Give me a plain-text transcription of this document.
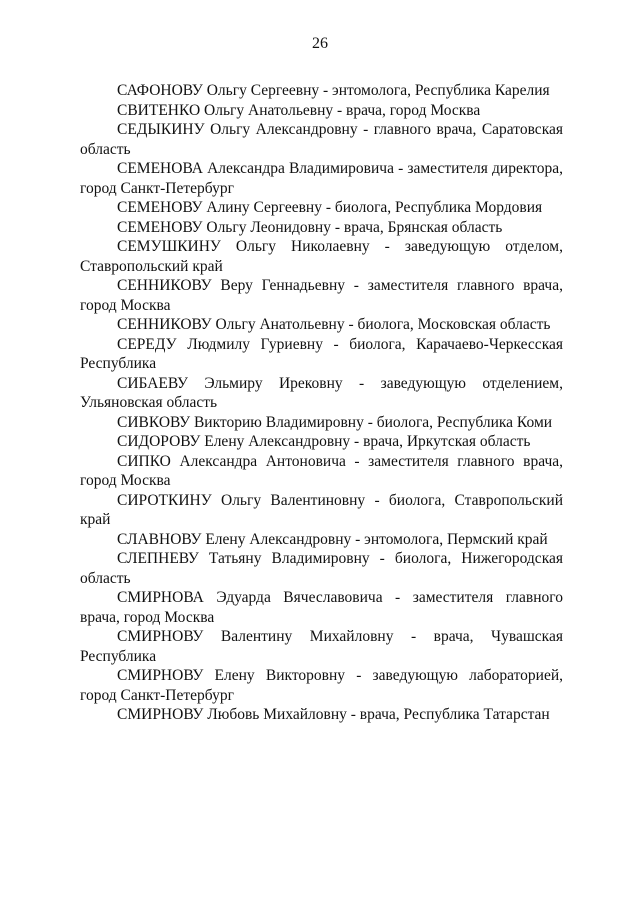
26

САФОНОВУ Ольгу Сергеевну - энтомолога, Республика Карелия

СВИТЕНКО Ольгу Анатольевну - врача, город Москва

СЕДЫКИНУ Ольгу Александровну - главного врача, Саратовская область

СЕМЕНОВА Александра Владимировича - заместителя директора, город Санкт-Петербург

СЕМЕНОВУ Алину Сергеевну - биолога, Республика Мордовия

СЕМЕНОВУ Ольгу Леонидовну - врача, Брянская область

СЕМУШКИНУ Ольгу Николаевну - заведующую отделом, Ставропольский край

СЕННИКОВУ Веру Геннадьевну - заместителя главного врача, город Москва

СЕННИКОВУ Ольгу Анатольевну - биолога, Московская область

СЕРЕДУ Людмилу Гуриевну - биолога, Карачаево-Черкесская Республика

СИБАЕВУ Эльмиру Ирековну - заведующую отделением, Ульяновская область

СИВКОВУ Викторию Владимировну - биолога, Республика Коми

СИДОРОВУ Елену Александровну - врача, Иркутская область

СИПКО Александра Антоновича - заместителя главного врача, город Москва

СИРОТКИНУ Ольгу Валентиновну - биолога, Ставропольский край

СЛАВНОВУ Елену Александровну - энтомолога, Пермский край

СЛЕПНЕВУ Татьяну Владимировну - биолога, Нижегородская область

СМИРНОВА Эдуарда Вячеславовича - заместителя главного врача, город Москва

СМИРНОВУ Валентину Михайловну - врача, Чувашская Республика

СМИРНОВУ Елену Викторовну - заведующую лабораторией, город Санкт-Петербург

СМИРНОВУ Любовь Михайловну - врача, Республика Татарстан
